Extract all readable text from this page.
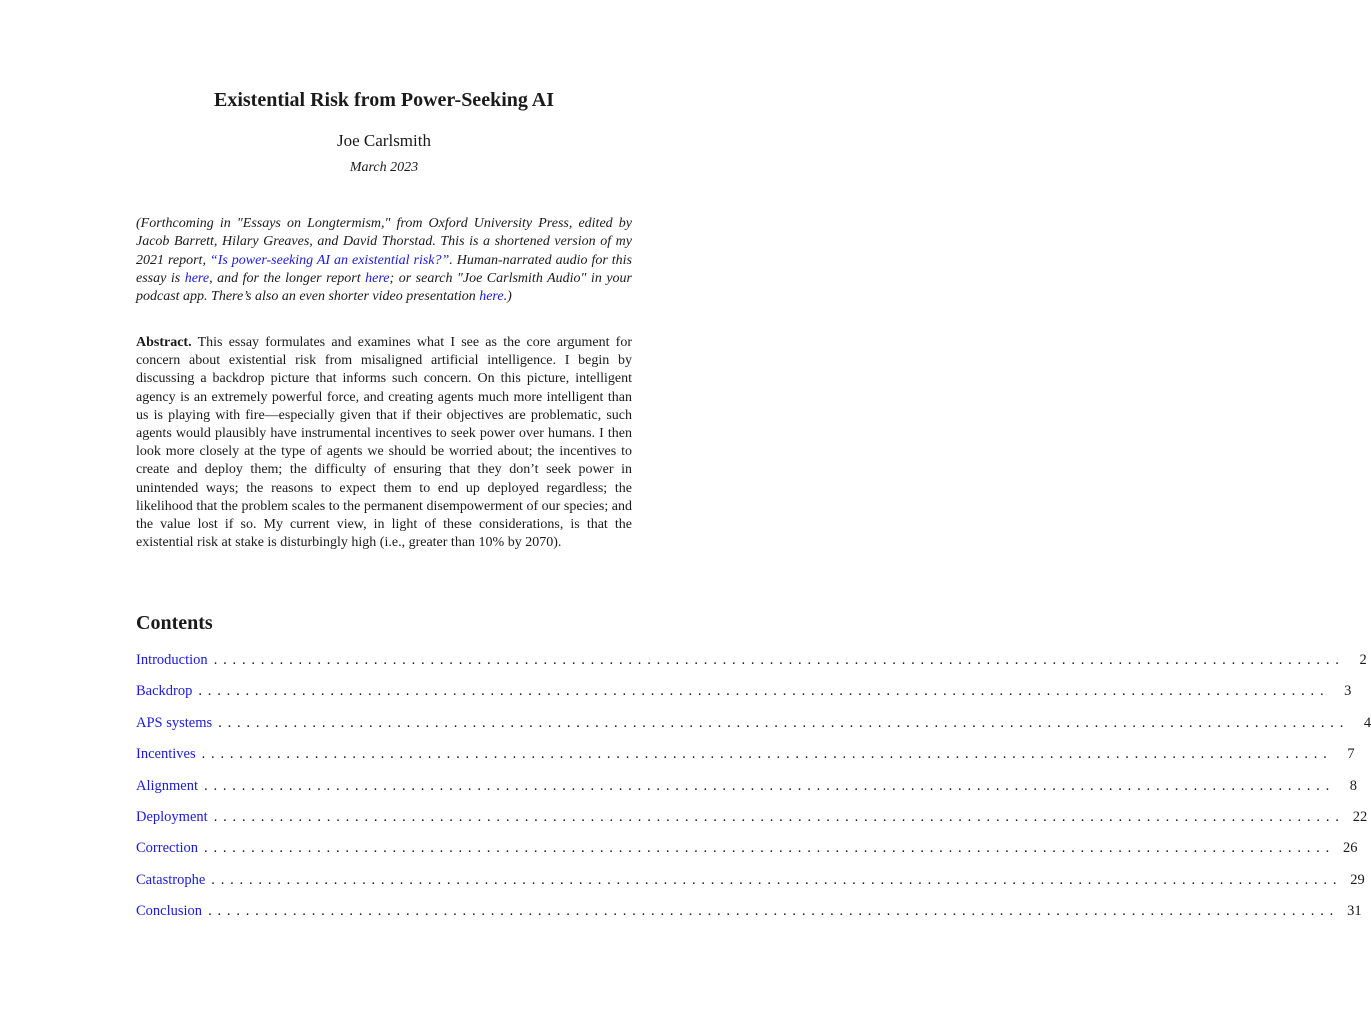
Existential Risk from Power-Seeking AI
Joe Carlsmith
March 2023

(Forthcoming in "Essays on Longtermism," from Oxford University Press, edited by Jacob Barrett, Hilary Greaves, and David Thorstad. This is a shortened version of my 2021 report, “Is power-seeking AI an existential risk?”. Human-narrated audio for this essay is here, and for the longer report here; or search "Joe Carlsmith Audio" in your podcast app. There’s also an even shorter video presentation here.)

Abstract. This essay formulates and examines what I see as the core argument for concern about existential risk from misaligned artificial intelligence. I begin by discussing a backdrop picture that informs such concern. On this picture, intelligent agency is an extremely powerful force, and creating agents much more intelligent than us is playing with fire—especially given that if their objectives are problematic, such agents would plausibly have instrumental incentives to seek power over humans. I then look more closely at the type of agents we should be worried about; the incentives to create and deploy them; the difficulty of ensuring that they don’t seek power in unintended ways; the reasons to expect them to end up deployed regardless; the likelihood that the problem scales to the permanent disempowerment of our species; and the value lost if so. My current view, in light of these considerations, is that the existential risk at stake is disturbingly high (i.e., greater than 10% by 2070).

Contents
Introduction ........................................................................................................................	2
Backdrop ........................................................................................................................	3
APS systems ........................................................................................................................	4
Incentives ........................................................................................................................	7
Alignment ........................................................................................................................	8
Deployment ........................................................................................................................ 22
Correction ........................................................................................................................ 26
Catastrophe ........................................................................................................................ 29
Conclusion ........................................................................................................................ 31
